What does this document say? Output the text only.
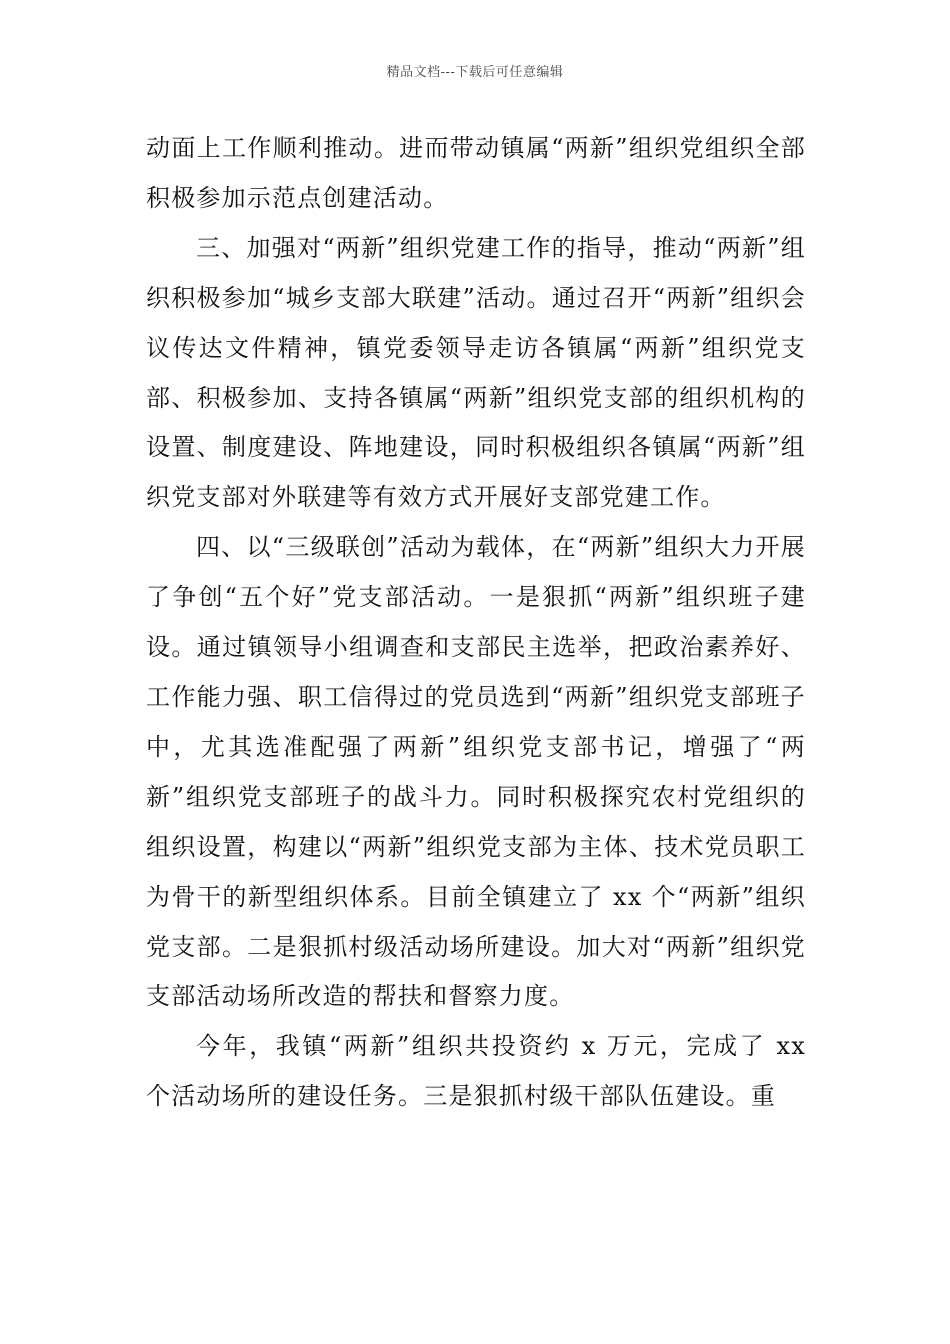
精品文档---下载后可任意编辑

动面上工作顺利推动。进而带动镇属“两新”组织党组织全部积极参加示范点创建活动。

三、加强对“两新”组织党建工作的指导，推动“两新”组织积极参加“城乡支部大联建”活动。通过召开“两新”组织会议传达文件精神，镇党委领导走访各镇属“两新”组织党支部、积极参加、支持各镇属“两新”组织党支部的组织机构的设置、制度建设、阵地建设，同时积极组织各镇属“两新”组织党支部对外联建等有效方式开展好支部党建工作。

四、以“三级联创”活动为载体，在“两新”组织大力开展了争创“五个好”党支部活动。一是狠抓“两新”组织班子建设。通过镇领导小组调查和支部民主选举，把政治素养好、工作能力强、职工信得过的党员选到“两新”组织党支部班子中，尤其选准配强了两新”组织党支部书记，增强了“两新”组织党支部班子的战斗力。同时积极探究农村党组织的组织设置，构建以“两新”组织党支部为主体、技术党员职工为骨干的新型组织体系。目前全镇建立了 xx 个“两新”组织党支部。二是狠抓村级活动场所建设。加大对“两新”组织党支部活动场所改造的帮扶和督察力度。

今年，我镇“两新”组织共投资约 x 万元，完成了 xx 个活动场所的建设任务。三是狠抓村级干部队伍建设。重
